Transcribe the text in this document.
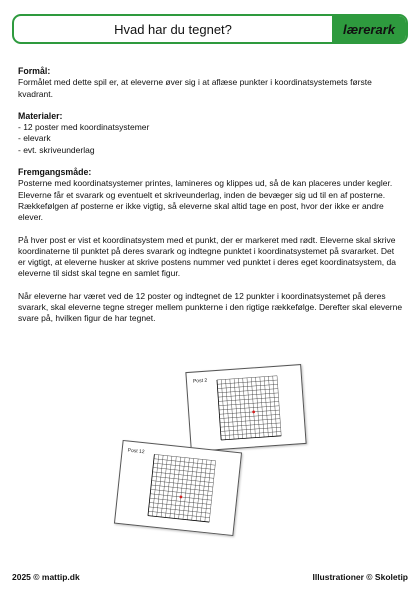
Hvad har du tegnet?	lærerark
Formål:

Formålet med dette spil er, at eleverne øver sig i at aflæse punkter i koordinatsystemets første kvadrant.

Materialer:
- 12 poster med koordinatsystemer
- elevark
- evt. skriveunderlag
Fremgangsmåde:

Posterne med koordinatsystemer printes, lamineres og klippes ud, så de kan placeres under kegler. Eleverne får et svarark og eventuelt et skriveunderlag, inden de bevæger sig ud til en af posterne. Rækkefølgen af posterne er ikke vigtig, så eleverne skal altid tage en post, hvor der ikke er andre elever.

På hver post er vist et koordinatsystem med et punkt, der er markeret med rødt. Eleverne skal skrive koordinaterne til punktet på deres svarark og indtegne punktet i koordinatsystemet på svararket. Det er vigtigt, at eleverne husker at skrive postens nummer ved punktet i deres eget koordinatsystem, da eleverne til sidst skal tegne en samlet figur.

Når eleverne har været ved de 12 poster og indtegnet de 12 punkter i koordinatsystemet på deres svarark, skal eleverne tegne streger mellem punkterne i den rigtige rækkefølge. Derefter skal eleverne svare på, hvilken figur de har tegnet.

Post 2
Post 12
2025 © mattip.dk	Illustrationer © Skoletip
